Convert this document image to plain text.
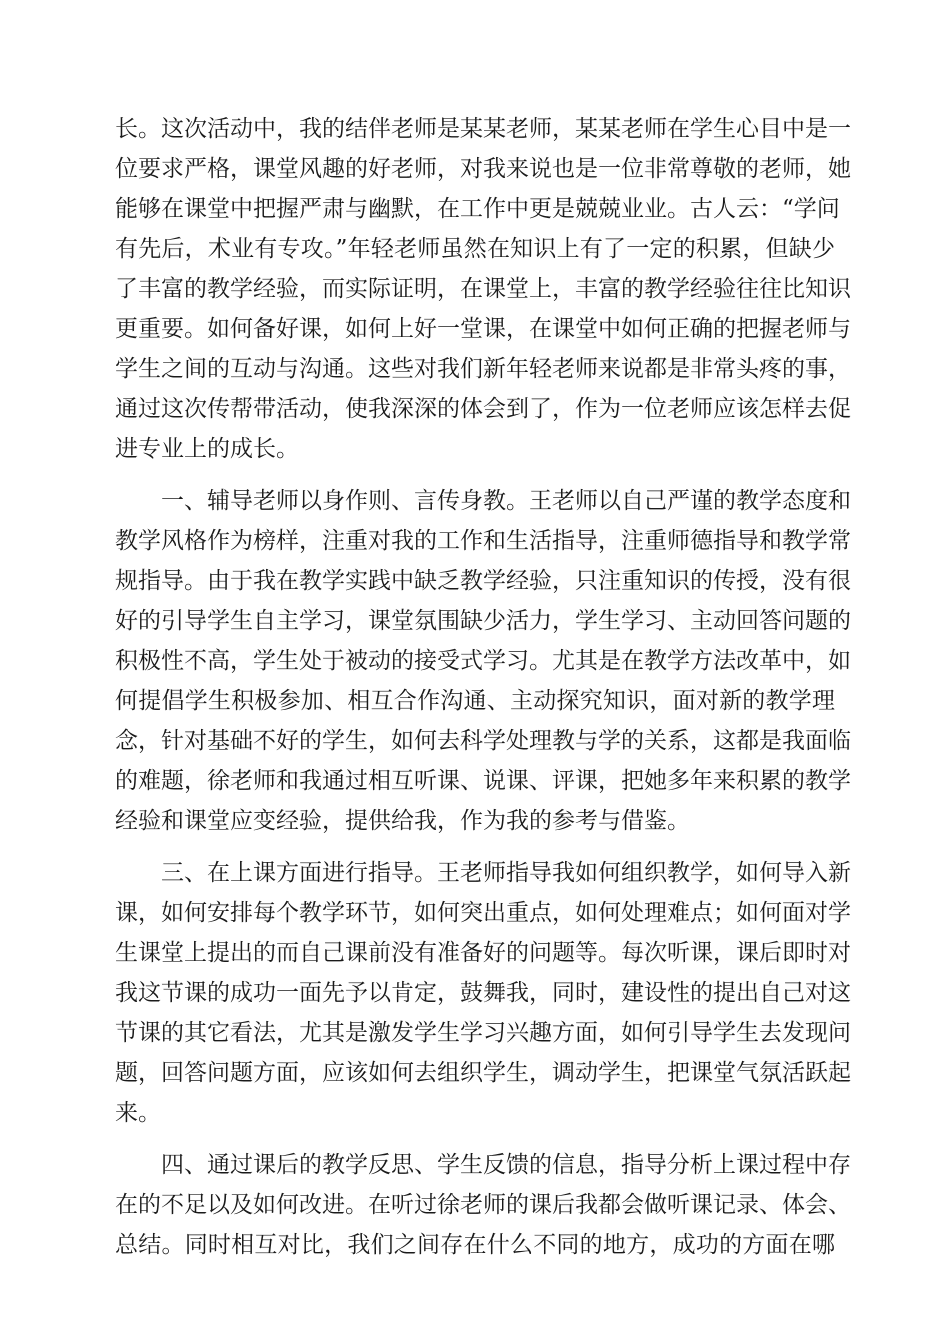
长。这次活动中，我的结伴老师是某某老师，某某老师在学生心目中是一
位要求严格，课堂风趣的好老师，对我来说也是一位非常尊敬的老师，她
能够在课堂中把握严肃与幽默，在工作中更是兢兢业业。古人云：“学问
有先后，术业有专攻。”年轻老师虽然在知识上有了一定的积累，但缺少
了丰富的教学经验，而实际证明，在课堂上，丰富的教学经验往往比知识
更重要。如何备好课，如何上好一堂课，在课堂中如何正确的把握老师与
学生之间的互动与沟通。这些对我们新年轻老师来说都是非常头疼的事，
通过这次传帮带活动，使我深深的体会到了，作为一位老师应该怎样去促
进专业上的成长。
一、辅导老师以身作则、言传身教。王老师以自己严谨的教学态度和
教学风格作为榜样，注重对我的工作和生活指导，注重师德指导和教学常
规指导。由于我在教学实践中缺乏教学经验，只注重知识的传授，没有很
好的引导学生自主学习，课堂氛围缺少活力，学生学习、主动回答问题的
积极性不高，学生处于被动的接受式学习。尤其是在教学方法改革中，如
何提倡学生积极参加、相互合作沟通、主动探究知识，面对新的教学理
念，针对基础不好的学生，如何去科学处理教与学的关系，这都是我面临
的难题，徐老师和我通过相互听课、说课、评课，把她多年来积累的教学
经验和课堂应变经验，提供给我，作为我的参考与借鉴。
三、在上课方面进行指导。王老师指导我如何组织教学，如何导入新
课，如何安排每个教学环节，如何突出重点，如何处理难点；如何面对学
生课堂上提出的而自己课前没有准备好的问题等。每次听课，课后即时对
我这节课的成功一面先予以肯定，鼓舞我，同时，建设性的提出自己对这
节课的其它看法，尤其是激发学生学习兴趣方面，如何引导学生去发现问
题，回答问题方面，应该如何去组织学生，调动学生，把课堂气氛活跃起
来。
四、通过课后的教学反思、学生反馈的信息，指导分析上课过程中存
在的不足以及如何改进。在听过徐老师的课后我都会做听课记录、体会、
总结。同时相互对比，我们之间存在什么不同的地方，成功的方面在哪
